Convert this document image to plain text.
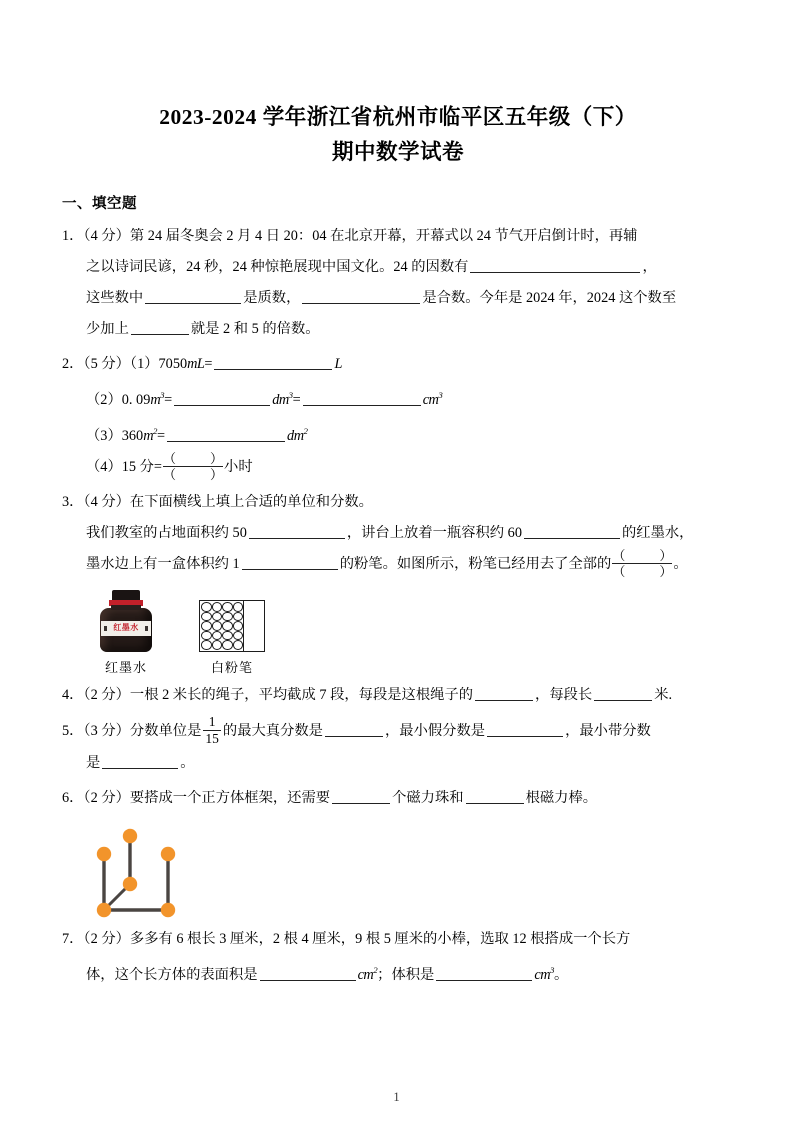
2023-2024 学年浙江省杭州市临平区五年级（下）
期中数学试卷
一、填空题
1．（4 分）第 24 届冬奥会 2 月 4 日 20：04 在北京开幕，开幕式以 24 节气开启倒计时，再辅
之以诗词民谚，24 秒，24 种惊艳展现中国文化。24 的因数有	，
这些数中	是质数，	是合数。今年是 2024 年，2024 这个数至
少加上	就是 2 和 5 的倍数。
2．（5 分）（1）7050mL=	L
（2）0. $09m^3=$	$dm^3=$	$cm^3$
$(3)360m^2=$	$dm^2$
（4）15 分= （	）
（	） 小时
3．（4 分）在下面横线上填上合适的单位和分数。
我们教室的占地面积约 50	，讲台上放着一瓶容积约 60	的红墨水，
墨水边上有一盒体积约 1	的粉笔。如图所示，粉笔已经用去了全部的 （	）
（	） 。
红墨水
红墨水	白粉笔
4．（2 分）一根 2 米长的绳子，平均截成 7 段，每段是这根绳子的	，每段长	米.
5．（3 分）分数单位是 $\frac{1}{15}$ 的最大真分数是	，最小假分数是	，最小带分数
是	。
6．（2 分）要搭成一个正方体框架，还需要	个磁力珠和	根磁力棒。
7．（2 分）多多有 6 根长 3 厘米，2 根 4 厘米，9 根 5 厘米的小棒，选取 12 根搭成一个长方
体，这个长方体的表面积是	$cm^2$；体积是	$cm^3$。
1
